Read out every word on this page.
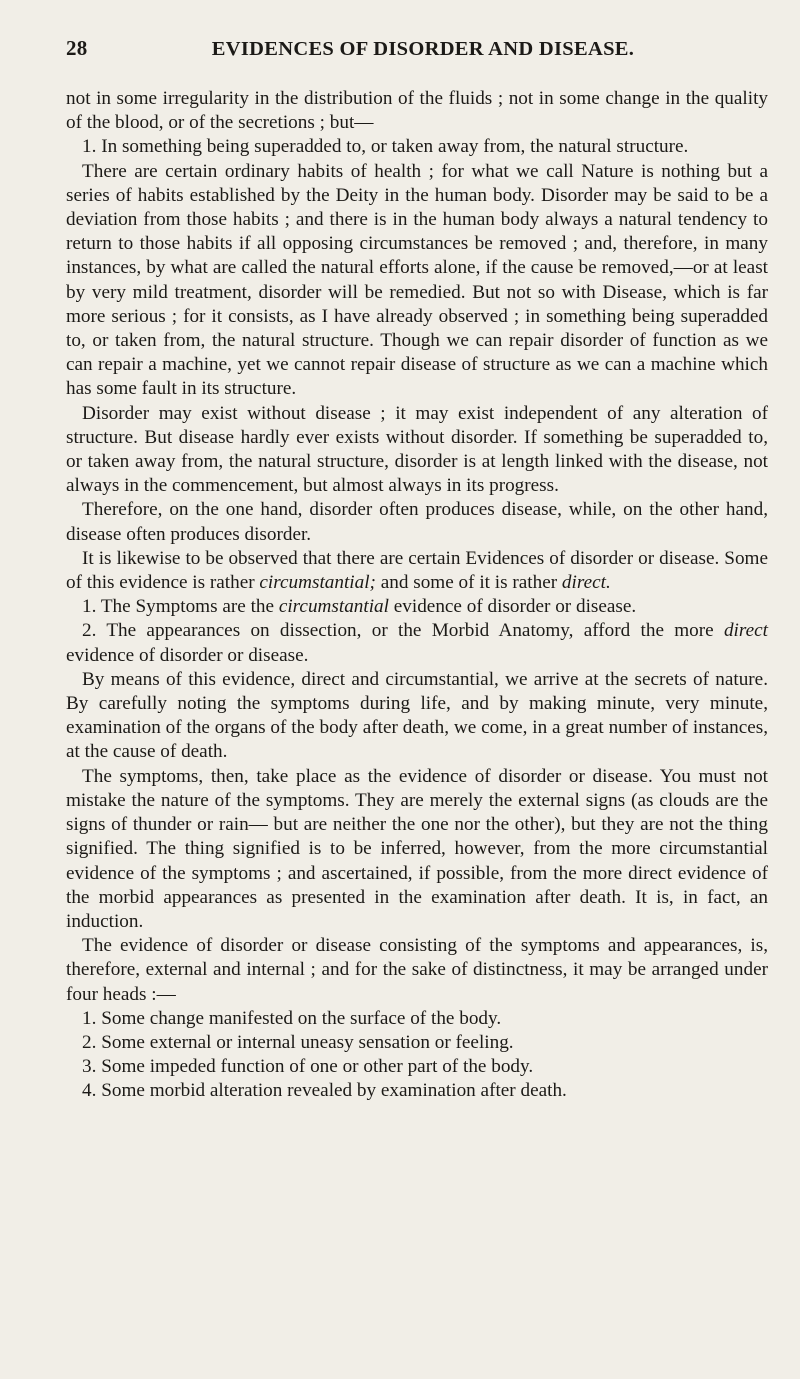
28	EVIDENCES OF DISORDER AND DISEASE.

not in some irregularity in the distribution of the fluids ; not in some change in the quality of the blood, or of the secretions ; but—

1. In something being superadded to, or taken away from, the natural structure.

There are certain ordinary habits of health ; for what we call Nature is nothing but a series of habits established by the Deity in the human body. Disorder may be said to be a deviation from those habits ; and there is in the human body always a natural tendency to return to those habits if all opposing circumstances be removed ; and, therefore, in many instances, by what are called the natural efforts alone, if the cause be removed,—or at least by very mild treatment, disorder will be remedied. But not so with Disease, which is far more serious ; for it consists, as I have already observed ; in something being superadded to, or taken from, the natural structure. Though we can repair disorder of function as we can repair a machine, yet we cannot repair disease of structure as we can a machine which has some fault in its structure.

Disorder may exist without disease ; it may exist independent of any alteration of structure. But disease hardly ever exists without disorder. If something be superadded to, or taken away from, the natural structure, disorder is at length linked with the disease, not always in the commencement, but almost always in its progress.

Therefore, on the one hand, disorder often produces disease, while, on the other hand, disease often produces disorder.

It is likewise to be observed that there are certain Evidences of disorder or disease. Some of this evidence is rather circumstantial; and some of it is rather direct.

1. The Symptoms are the circumstantial evidence of disorder or disease.

2. The appearances on dissection, or the Morbid Anatomy, afford the more direct evidence of disorder or disease.

By means of this evidence, direct and circumstantial, we arrive at the secrets of nature. By carefully noting the symptoms during life, and by making minute, very minute, examination of the organs of the body after death, we come, in a great number of instances, at the cause of death.

The symptoms, then, take place as the evidence of disorder or disease. You must not mistake the nature of the symptoms. They are merely the external signs (as clouds are the signs of thunder or rain— but are neither the one nor the other), but they are not the thing signified. The thing signified is to be inferred, however, from the more circumstantial evidence of the symptoms ; and ascertained, if possible, from the more direct evidence of the morbid appearances as presented in the examination after death. It is, in fact, an induction.

The evidence of disorder or disease consisting of the symptoms and appearances, is, therefore, external and internal ; and for the sake of distinctness, it may be arranged under four heads :—

1. Some change manifested on the surface of the body.

2. Some external or internal uneasy sensation or feeling.

3. Some impeded function of one or other part of the body.

4. Some morbid alteration revealed by examination after death.
